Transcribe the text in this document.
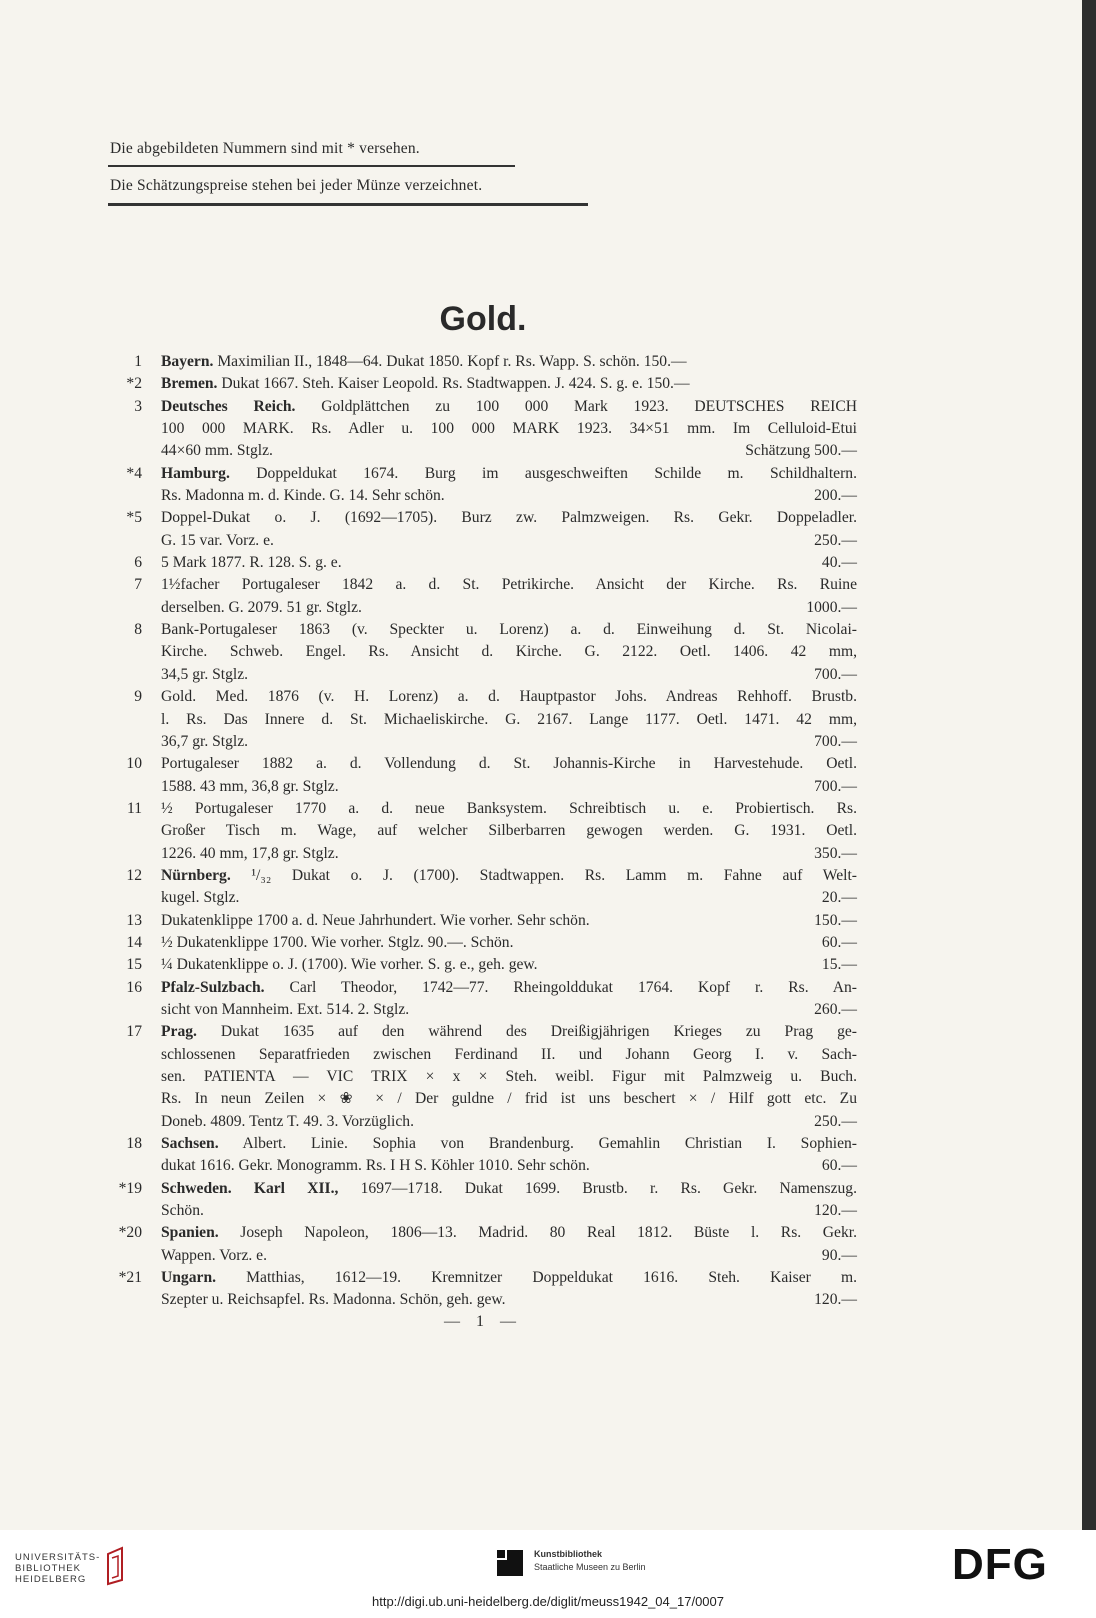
Die abgebildeten Nummern sind mit * versehen.
Die Schätzungspreise stehen bei jeder Münze verzeichnet.
Gold.
1 Bayern. Maximilian II., 1848—64. Dukat 1850. Kopf r. Rs. Wapp. S. schön. 150.—
*2 Bremen. Dukat 1667. Steh. Kaiser Leopold. Rs. Stadtwappen. J. 424. S. g. e. 150.—
3 Deutsches Reich. Goldplättchen zu 100 000 Mark 1923. DEUTSCHES REICH
100 000 MARK. Rs. Adler u. 100 000 MARK 1923. 34×51 mm. Im Celluloid-Etui
44×60 mm. Stglz.	Schätzung 500.—
*4 Hamburg. Doppeldukat 1674. Burg im ausgeschweiften Schilde m. Schildhaltern.
Rs. Madonna m. d. Kinde. G. 14. Sehr schön.	200.—
*5 Doppel-Dukat o. J. (1692—1705). Burz zw. Palmzweigen. Rs. Gekr. Doppeladler.
G. 15 var. Vorz. e.	250.—
6 5 Mark 1877. R. 128. S. g. e.	40.—
7 1½facher Portugaleser 1842 a. d. St. Petrikirche. Ansicht der Kirche. Rs. Ruine
derselben. G. 2079. 51 gr. Stglz.	1000.—
8 Bank-Portugaleser 1863 (v. Speckter u. Lorenz) a. d. Einweihung d. St. Nicolai-
Kirche. Schweb. Engel. Rs. Ansicht d. Kirche. G. 2122. Oetl. 1406. 42 mm,
34,5 gr. Stglz.	700.—
9 Gold. Med. 1876 (v. H. Lorenz) a. d. Hauptpastor Johs. Andreas Rehhoff. Brustb.
l. Rs. Das Innere d. St. Michaeliskirche. G. 2167. Lange 1177. Oetl. 1471. 42 mm,
36,7 gr. Stglz.	700.—
10 Portugaleser 1882 a. d. Vollendung d. St. Johannis-Kirche in Harvestehude. Oetl.
1588. 43 mm, 36,8 gr. Stglz.	700.—
11 ½ Portugaleser 1770 a. d. neue Banksystem. Schreibtisch u. e. Probiertisch. Rs.
Großer Tisch m. Wage, auf welcher Silberbarren gewogen werden. G. 1931. Oetl.
1226. 40 mm, 17,8 gr. Stglz.	350.—
12 Nürnberg. ¹/₃₂ Dukat o. J. (1700). Stadtwappen. Rs. Lamm m. Fahne auf Welt-
kugel. Stglz.	20.—
13 Dukatenklippe 1700 a. d. Neue Jahrhundert. Wie vorher. Sehr schön.	150.—
14 ½ Dukatenklippe 1700. Wie vorher. Stglz. 90.—. Schön.	60.—
15 ¼ Dukatenklippe o. J. (1700). Wie vorher. S. g. e., geh. gew.	15.—
16 Pfalz-Sulzbach. Carl Theodor, 1742—77. Rheingolddukat 1764. Kopf r. Rs. An-
sicht von Mannheim. Ext. 514. 2. Stglz.	260.—
17 Prag. Dukat 1635 auf den während des Dreißigjährigen Krieges zu Prag ge-
schlossenen Separatfrieden zwischen Ferdinand II. und Johann Georg I. v. Sach-
sen. PATIENTA — VIC TRIX × x × Steh. weibl. Figur mit Palmzweig u. Buch.
Rs. In neun Zeilen × ❀ × / Der guldne / frid ist uns beschert × / Hilf gott etc. Zu
Doneb. 4809. Tentz T. 49. 3. Vorzüglich.	250.—
18 Sachsen. Albert. Linie. Sophia von Brandenburg. Gemahlin Christian I. Sophien-
dukat 1616. Gekr. Monogramm. Rs. I H S. Köhler 1010. Sehr schön.	60.—
*19 Schweden. Karl XII., 1697—1718. Dukat 1699. Brustb. r. Rs. Gekr. Namenszug.
Schön.	120.—
*20 Spanien. Joseph Napoleon, 1806—13. Madrid. 80 Real 1812. Büste l. Rs. Gekr.
Wappen. Vorz. e.	90.—
*21 Ungarn. Matthias, 1612—19. Kremnitzer Doppeldukat 1616. Steh. Kaiser m.
Szepter u. Reichsapfel. Rs. Madonna. Schön, geh. gew.	120.—
— 1 —
UNIVERSITÄTS-
BIBLIOTHEK
HEIDELBERG
Kunstbibliothek
Staatliche Museen zu Berlin	DFG
http://digi.ub.uni-heidelberg.de/diglit/meuss1942_04_17/0007
